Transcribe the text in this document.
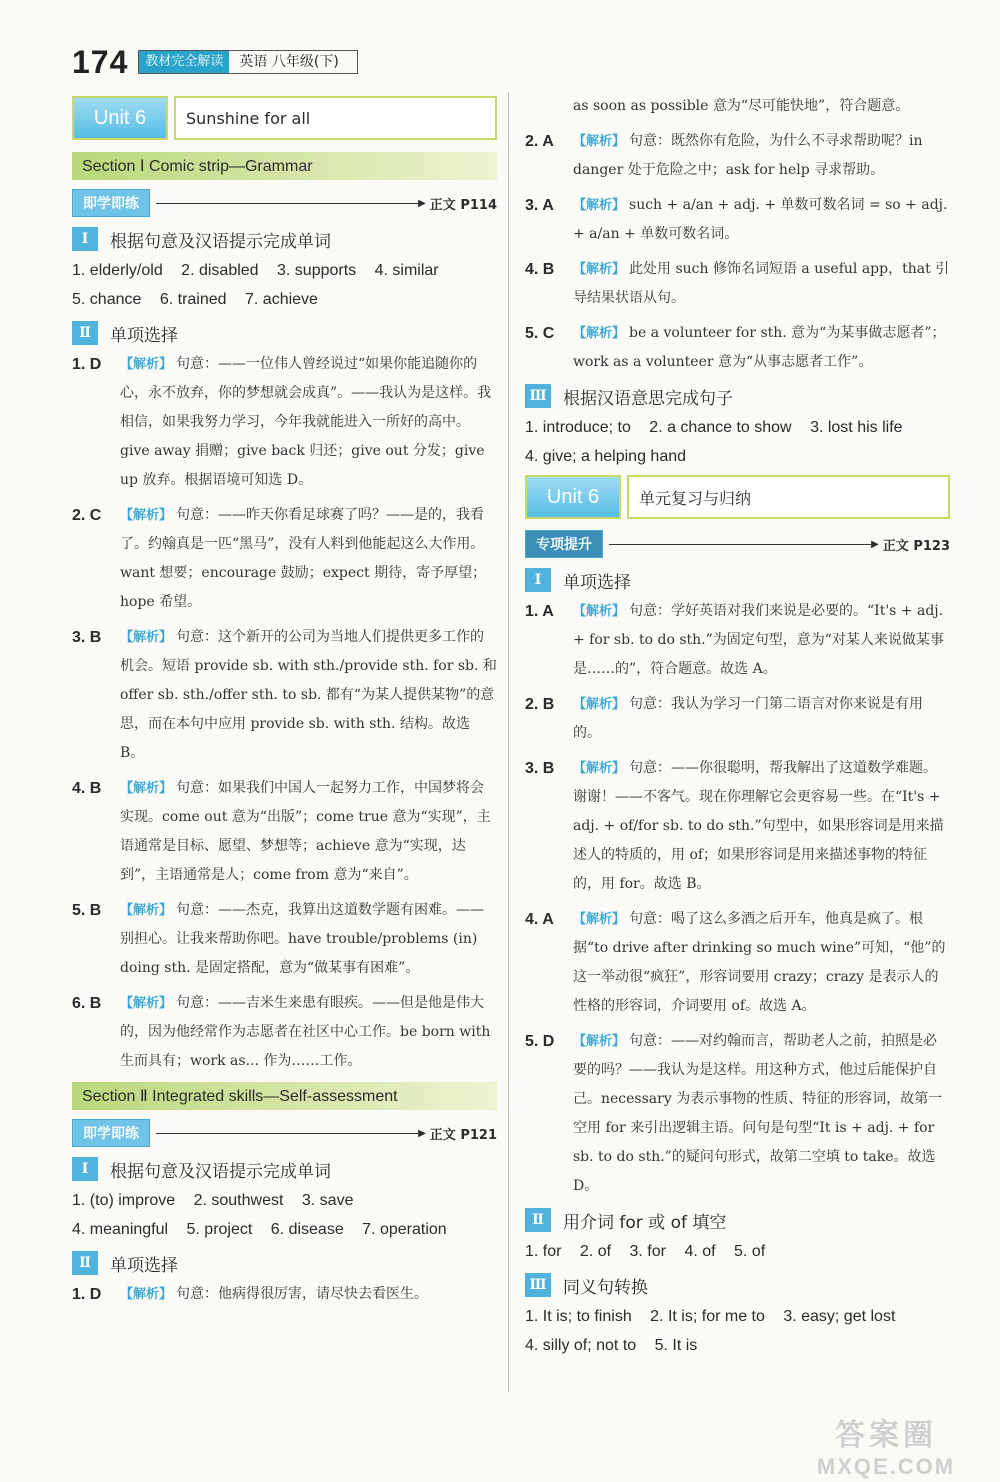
174	教材完全解读	英语 八年级(下)
Unit 6	Sunshine for all
Section Ⅰ Comic strip—Grammar
即学即练	▶ 正文 P114
Ⅰ	根据句意及汉语提示完成单词
1. elderly/old 2. disabled 3. supports 4. similar
5. chance 6. trained 7. achieve
Ⅱ	单项选择
1. D	【解析】 句意：——一位伟人曾经说过“如果你能追随你的心，永不放弃，你的梦想就会成真”。——我认为是这样。我相信，如果我努力学习，今年我就能进入一所好的高中。give away 捐赠；give back 归还；give out 分发；give up 放弃。根据语境可知选 D。
2. C	【解析】 句意：——昨天你看足球赛了吗？——是的，我看了。约翰真是一匹“黑马”，没有人料到他能起这么大作用。want 想要；encourage 鼓励；expect 期待，寄予厚望；hope 希望。
3. B	【解析】 句意：这个新开的公司为当地人们提供更多工作的机会。短语 provide sb. with sth./provide sth. for sb. 和 offer sb. sth./offer sth. to sb. 都有“为某人提供某物”的意思，而在本句中应用 provide sb. with sth. 结构。故选 B。
4. B	【解析】 句意：如果我们中国人一起努力工作，中国梦将会实现。come out 意为“出版”；come true 意为“实现”，主语通常是目标、愿望、梦想等；achieve 意为“实现，达到”，主语通常是人；come from 意为“来自”。
5. B	【解析】 句意：——杰克，我算出这道数学题有困难。——别担心。让我来帮助你吧。have trouble/problems (in) doing sth. 是固定搭配，意为“做某事有困难”。
6. B	【解析】 句意：——吉米生来患有眼疾。——但是他是伟大的，因为他经常作为志愿者在社区中心工作。be born with 生而具有；work as... 作为……工作。
Section Ⅱ Integrated skills—Self-assessment
即学即练	▶ 正文 P121
Ⅰ	根据句意及汉语提示完成单词
1. (to) improve 2. southwest 3. save
4. meaningful 5. project 6. disease 7. operation
Ⅱ	单项选择
1. D	【解析】 句意：他病得很厉害，请尽快去看医生。
as soon as possible 意为“尽可能快地”，符合题意。
2. A	【解析】 句意：既然你有危险，为什么不寻求帮助呢？in danger 处于危险之中；ask for help 寻求帮助。
3. A	【解析】 such + a/an + adj. + 单数可数名词 = so + adj. + a/an + 单数可数名词。
4. B	【解析】 此处用 such 修饰名词短语 a useful app，that 引导结果状语从句。
5. C	【解析】 be a volunteer for sth. 意为“为某事做志愿者”；work as a volunteer 意为“从事志愿者工作”。
Ⅲ 根据汉语意思完成句子
1. introduce; to 2. a chance to show 3. lost his life
4. give; a helping hand
Unit 6	单元复习与归纳
专项提升	▶ 正文 P123
Ⅰ	单项选择
1. A	【解析】 句意：学好英语对我们来说是必要的。“It's + adj. + for sb. to do sth.”为固定句型，意为“对某人来说做某事是……的”，符合题意。故选 A。
2. B	【解析】 句意：我认为学习一门第二语言对你来说是有用的。
3. B	【解析】 句意：——你很聪明，帮我解出了这道数学难题。谢谢！——不客气。现在你理解它会更容易一些。在“It's + adj. + of/for sb. to do sth.”句型中，如果形容词是用来描述人的特质的，用 of；如果形容词是用来描述事物的特征的，用 for。故选 B。
4. A	【解析】 句意：喝了这么多酒之后开车，他真是疯了。根据“to drive after drinking so much wine”可知，“他”的这一举动很“疯狂”，形容词要用 crazy；crazy 是表示人的性格的形容词，介词要用 of。故选 A。
5. D	【解析】 句意：——对约翰而言，帮助老人之前，拍照是必要的吗？——我认为是这样。用这种方式，他过后能保护自己。necessary 为表示事物的性质、特征的形容词，故第一空用 for 来引出逻辑主语。问句是句型“It is + adj. + for sb. to do sth.”的疑问句形式，故第二空填 to take。故选 D。
Ⅱ	用介词 for 或 of 填空
1. for 2. of 3. for 4. of 5. of
Ⅲ 同义句转换
1. It is; to finish 2. It is; for me to 3. easy; get lost
4. silly of; not to 5. It is
答案圈
MXQE.COM
